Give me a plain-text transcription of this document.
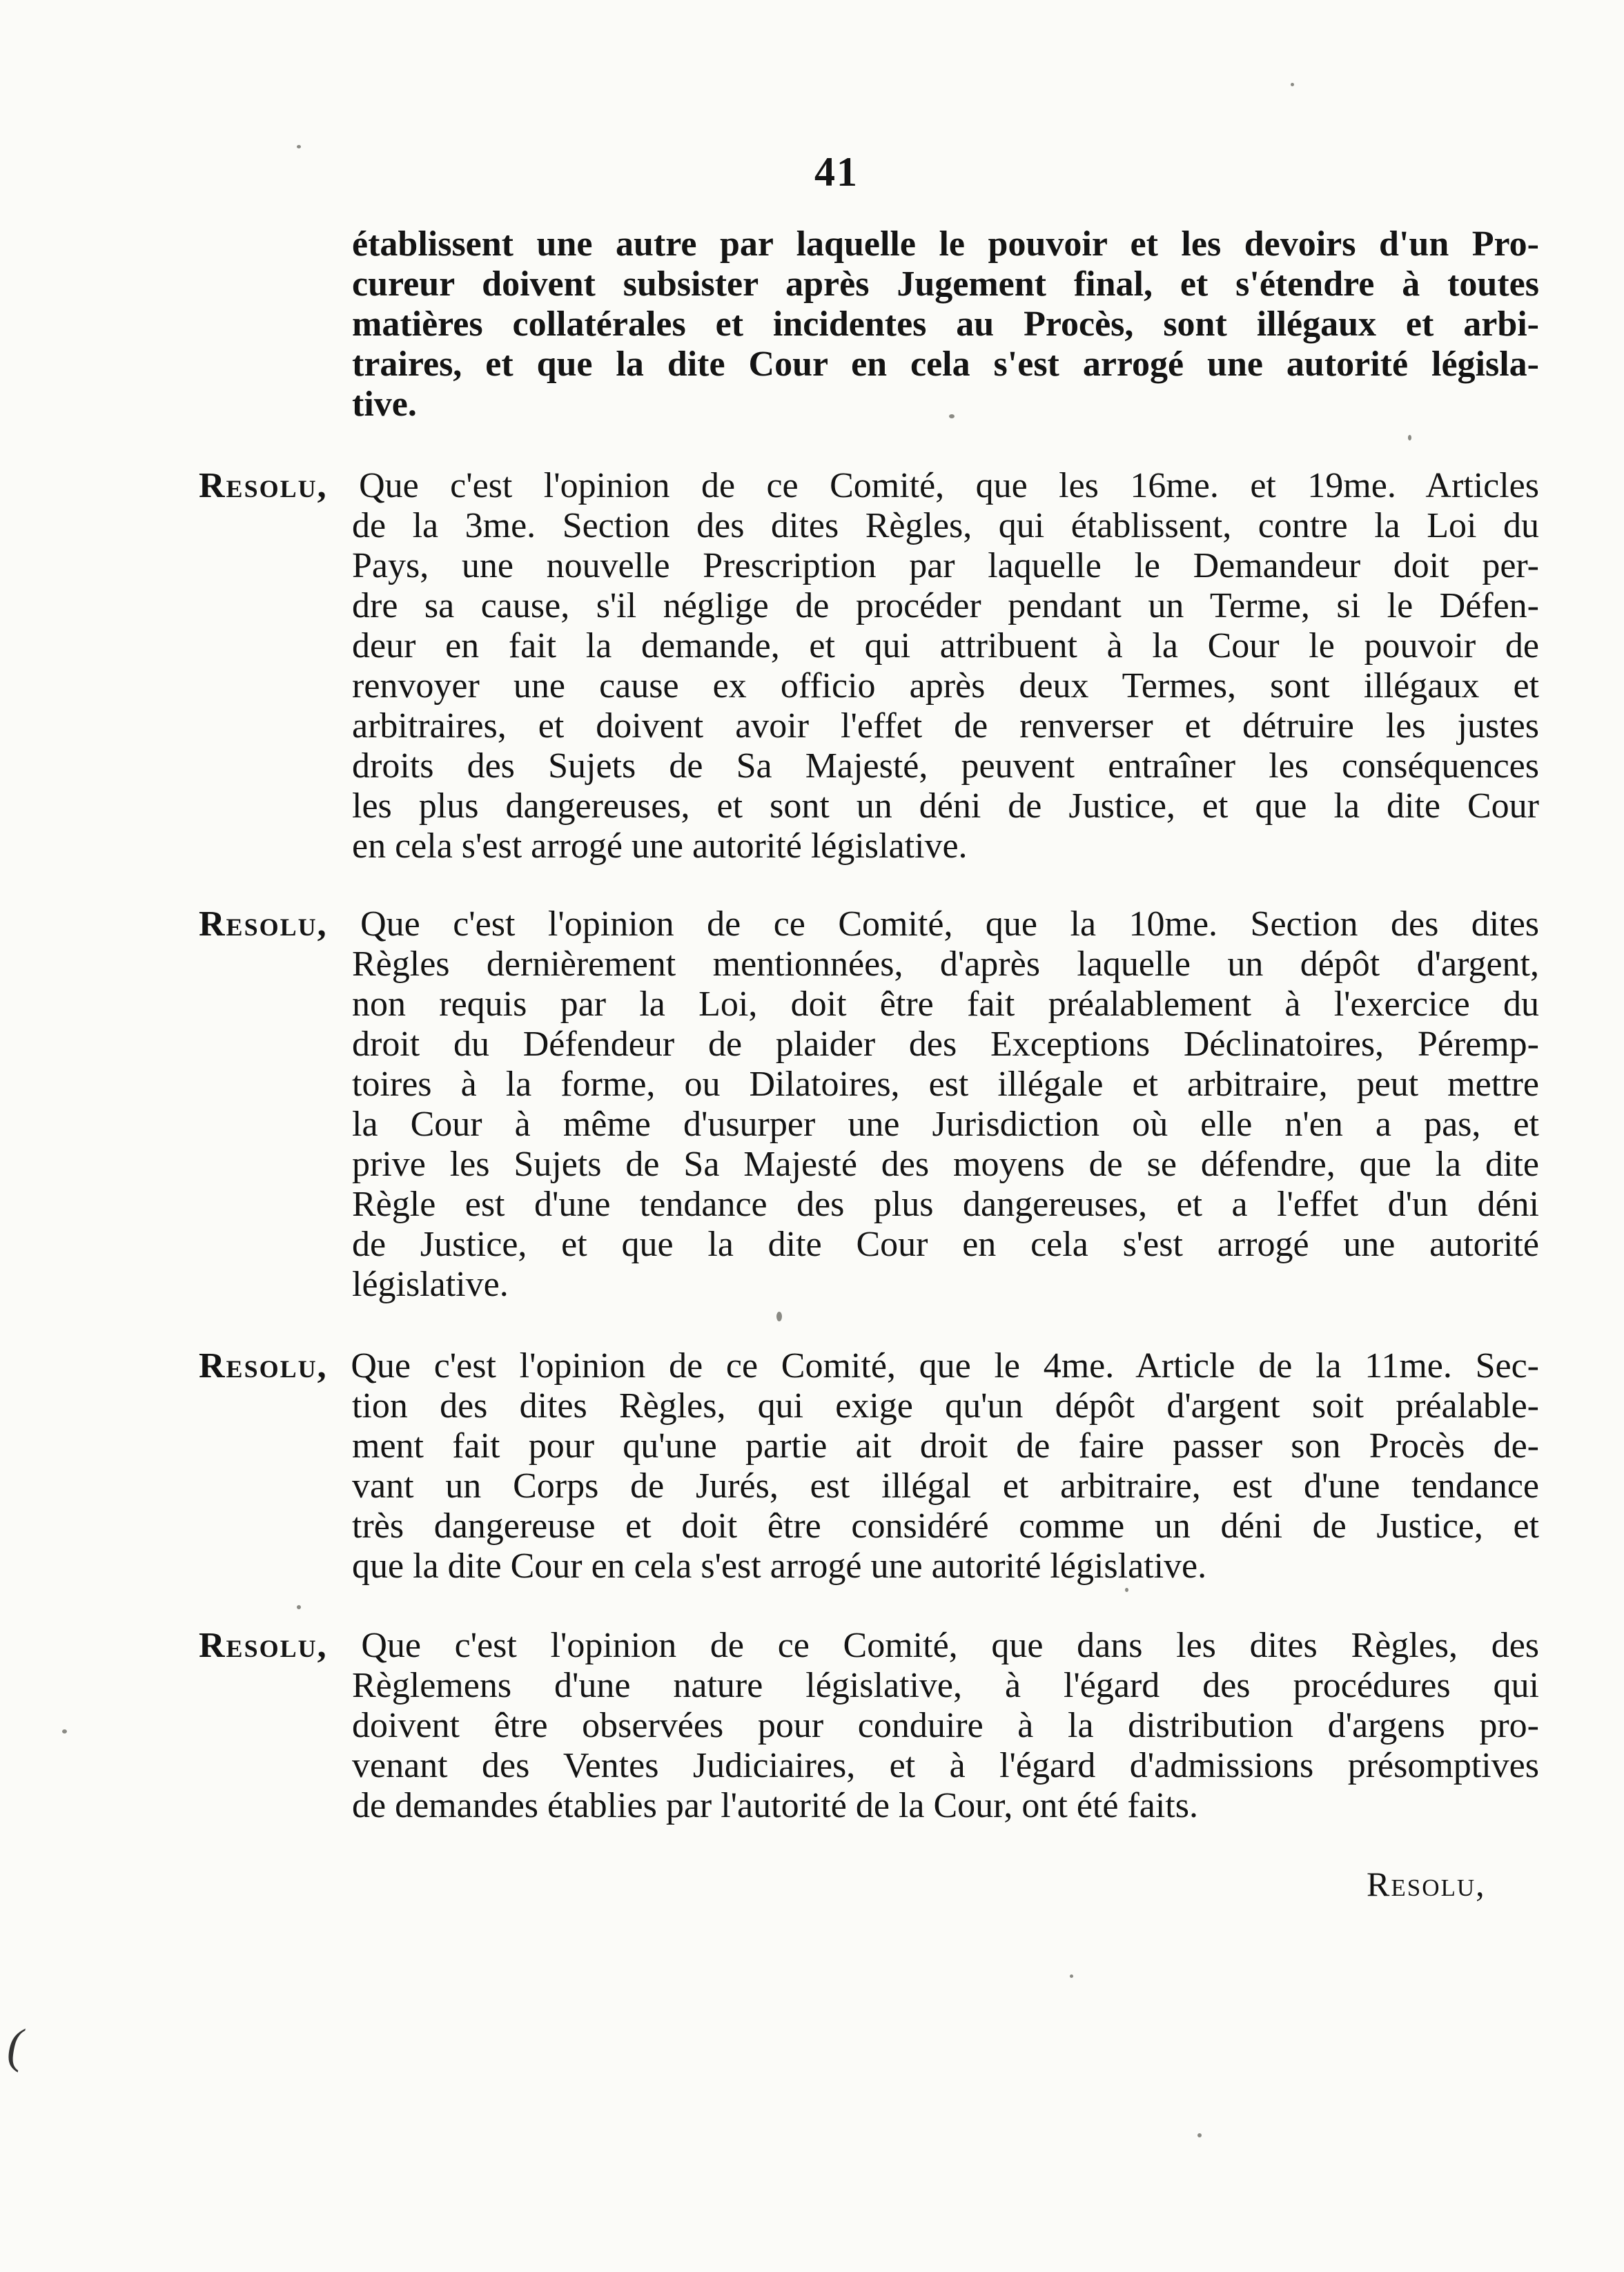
41
établissent une autre par laquelle le pouvoir et les devoirs d'un Pro-
cureur doivent subsister après Jugement final, et s'étendre à toutes
matières collatérales et incidentes au Procès, sont illégaux et arbi-
traires, et que la dite Cour en cela s'est arrogé une autorité législa-
tive.
Resolu, Que c'est l'opinion de ce Comité, que les 16me. et 19me. Articles
de la 3me. Section des dites Règles, qui établissent, contre la Loi du
Pays, une nouvelle Prescription par laquelle le Demandeur doit per-
dre sa cause, s'il néglige de procéder pendant un Terme, si le Défen-
deur en fait la demande, et qui attribuent à la Cour le pouvoir de
renvoyer une cause ex officio après deux Termes, sont illégaux et
arbitraires, et doivent avoir l'effet de renverser et détruire les justes
droits des Sujets de Sa Majesté, peuvent entraîner les conséquences
les plus dangereuses, et sont un déni de Justice, et que la dite Cour
en cela s'est arrogé une autorité législative.
Resolu, Que c'est l'opinion de ce Comité, que la 10me. Section des dites
Règles dernièrement mentionnées, d'après laquelle un dépôt d'argent,
non requis par la Loi, doit être fait préalablement à l'exercice du
droit du Défendeur de plaider des Exceptions Déclinatoires, Péremp-
toires à la forme, ou Dilatoires, est illégale et arbitraire, peut mettre
la Cour à même d'usurper une Jurisdiction où elle n'en a pas, et
prive les Sujets de Sa Majesté des moyens de se défendre, que la dite
Règle est d'une tendance des plus dangereuses, et a l'effet d'un déni
de Justice, et que la dite Cour en cela s'est arrogé une autorité
législative.
Resolu, Que c'est l'opinion de ce Comité, que le 4me. Article de la 11me. Sec-
tion des dites Règles, qui exige qu'un dépôt d'argent soit préalable-
ment fait pour qu'une partie ait droit de faire passer son Procès de-
vant un Corps de Jurés, est illégal et arbitraire, est d'une tendance
très dangereuse et doit être considéré comme un déni de Justice, et
que la dite Cour en cela s'est arrogé une autorité législative.
Resolu, Que c'est l'opinion de ce Comité, que dans les dites Règles, des
Règlemens d'une nature législative, à l'égard des procédures qui
doivent être observées pour conduire à la distribution d'argens pro-
venant des Ventes Judiciaires, et à l'égard d'admissions présomptives
de demandes établies par l'autorité de la Cour, ont été faits.
Resolu,
(
